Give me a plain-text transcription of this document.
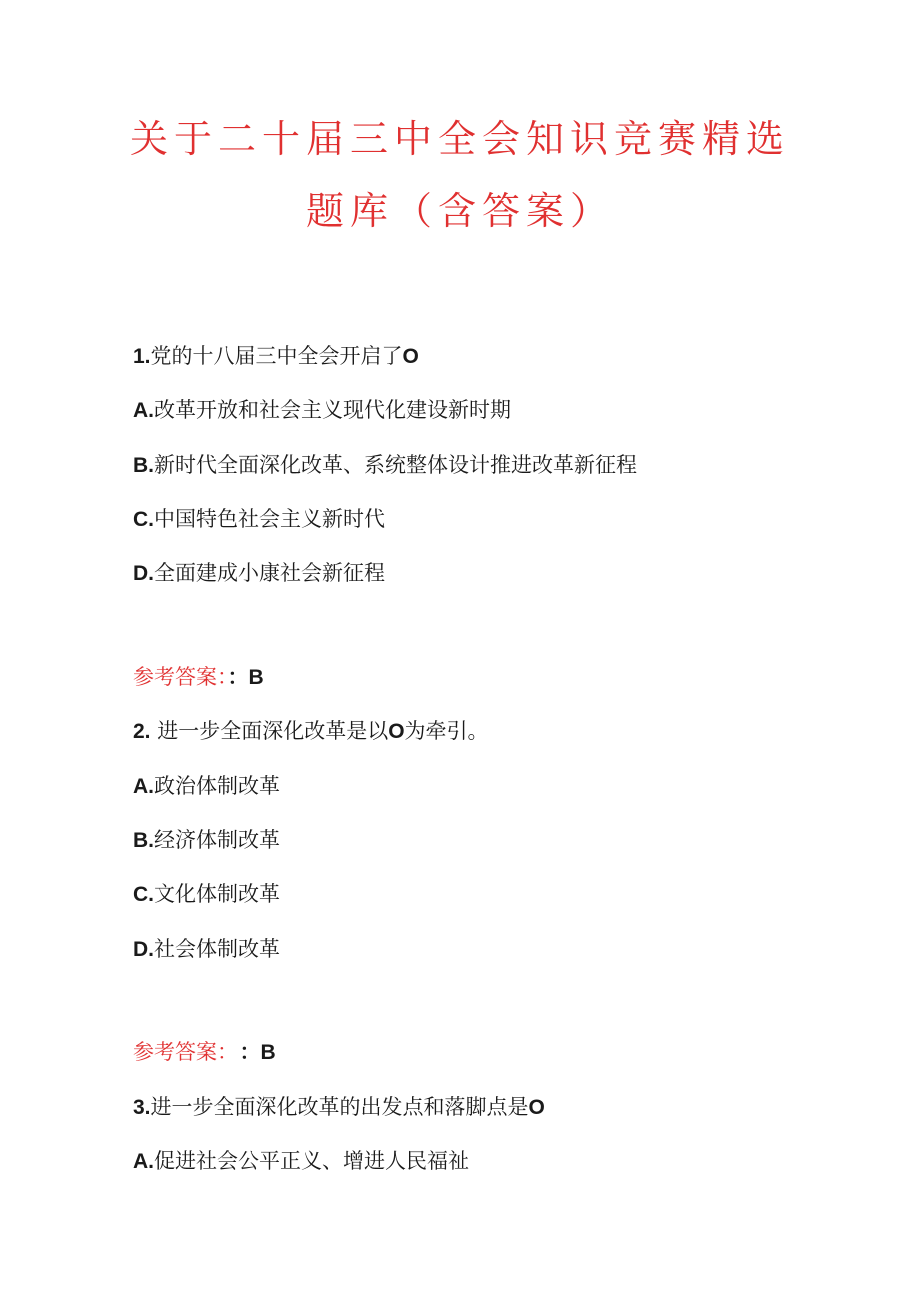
关于二十届三中全会知识竞赛精选
题库（含答案）
1.党的十八届三中全会开启了O
A.改革开放和社会主义现代化建设新时期
B.新时代全面深化改革、系统整体设计推进改革新征程
C.中国特色社会主义新时代
D.全面建成小康社会新征程
参考答案：：B
2. 进一步全面深化改革是以O为牵引。
A.政治体制改革
B.经济体制改革
C.文化体制改革
D.社会体制改革
参考答案： ：B
3.进一步全面深化改革的出发点和落脚点是O
A.促进社会公平正义、增进人民福祉
